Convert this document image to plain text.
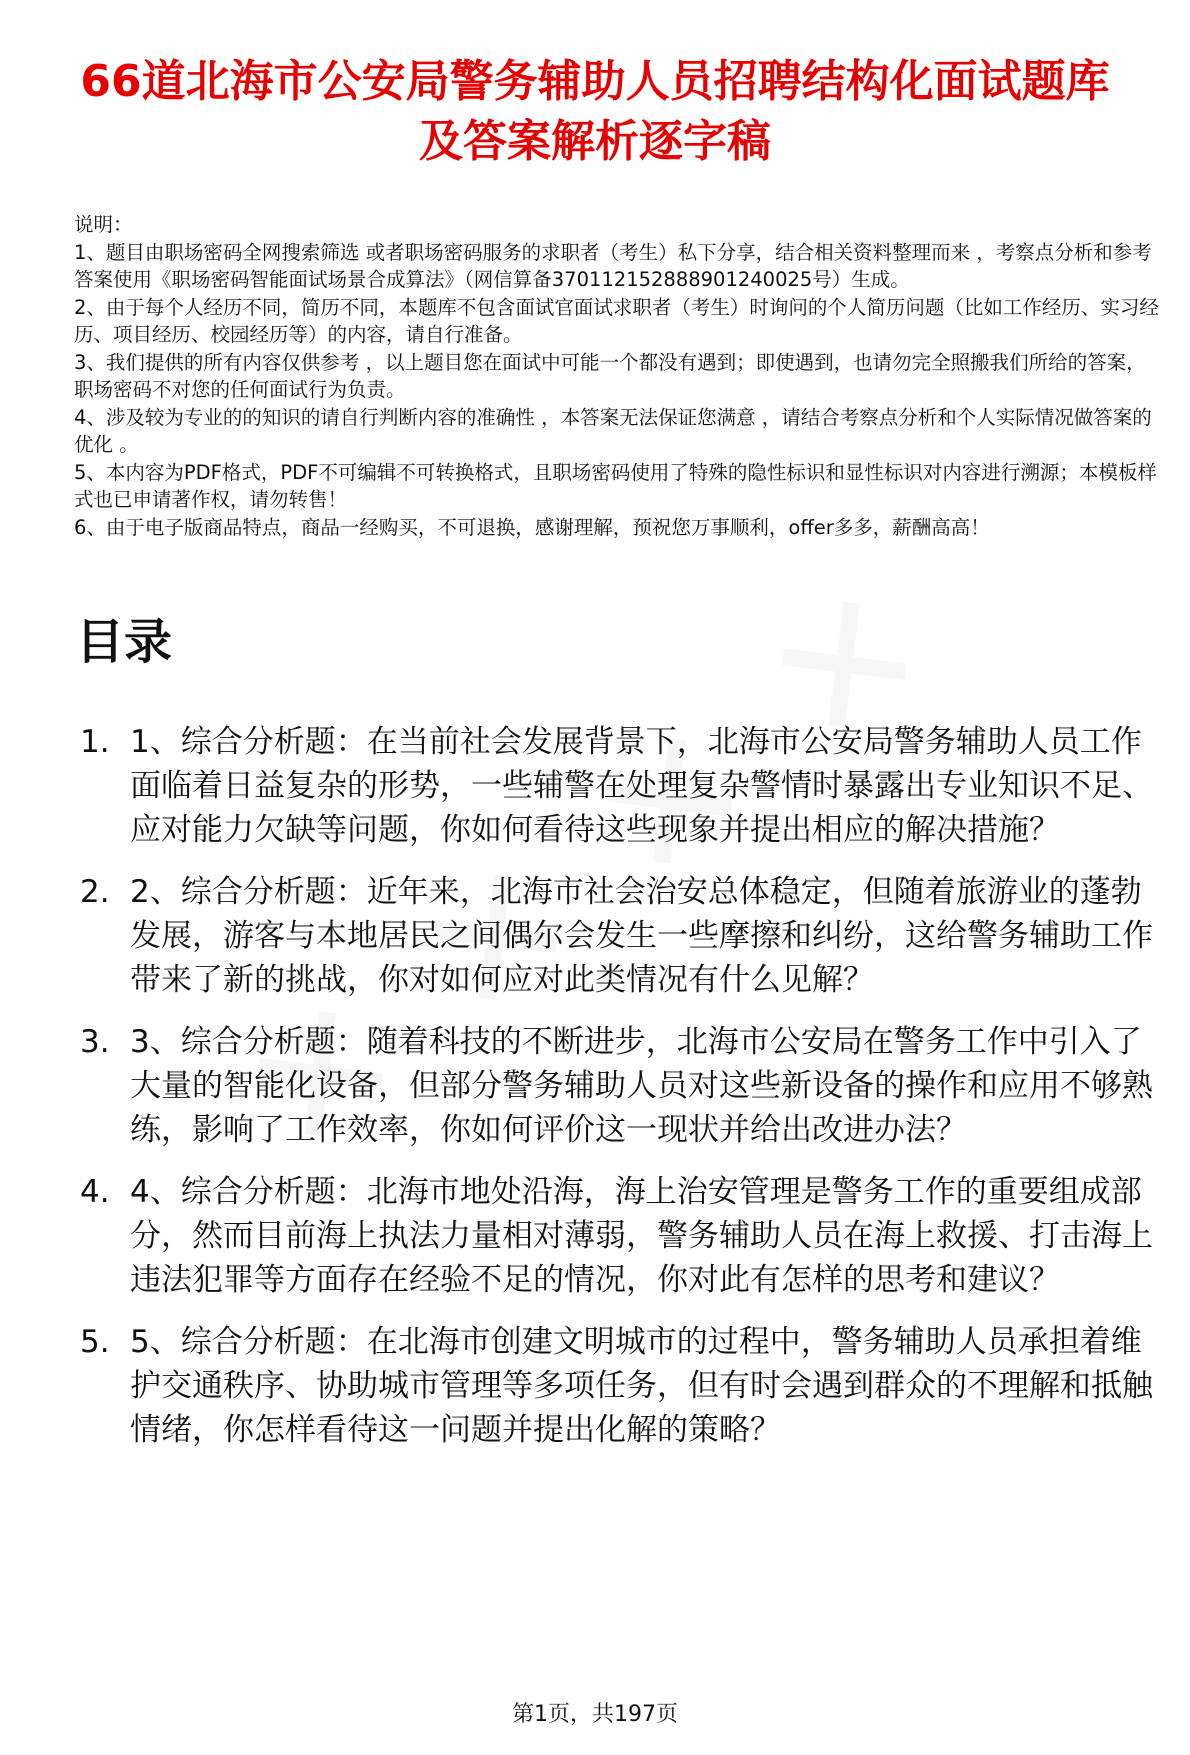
66道北海市公安局警务辅助人员招聘结构化面试题库及答案解析逐字稿

说明：

1、题目由职场密码全网搜索筛选 或者职场密码服务的求职者（考生）私下分享，结合相关资料整理而来 ，考察点分析和参考答案使用《职场密码智能面试场景合成算法》（网信算备370112152888901240025号）生成。

2、由于每个人经历不同，简历不同，本题库不包含面试官面试求职者（考生）时询问的个人简历问题（比如工作经历、实习经历、项目经历、校园经历等）的内容，请自行准备。

3、我们提供的所有内容仅供参考 ，以上题目您在面试中可能一个都没有遇到；即使遇到，也请勿完全照搬我们所给的答案，职场密码不对您的任何面试行为负责。

4、涉及较为专业的的知识的请自行判断内容的准确性 ，本答案无法保证您满意 ，请结合考察点分析和个人实际情况做答案的优化 。

5、本内容为PDF格式，PDF不可编辑不可转换格式，且职场密码使用了特殊的隐性标识和显性标识对内容进行溯源；本模板样式也已申请著作权，请勿转售！

6、由于电子版商品特点，商品一经购买，不可退换，感谢理解，预祝您万事顺利，offer多多，薪酬高高！

目录
1. 1、综合分析题：在当前社会发展背景下，北海市公安局警务辅助人员工作面临着日益复杂的形势，一些辅警在处理复杂警情时暴露出专业知识不足、应对能力欠缺等问题，你如何看待这些现象并提出相应的解决措施？
2. 2、综合分析题：近年来，北海市社会治安总体稳定，但随着旅游业的蓬勃发展，游客与本地居民之间偶尔会发生一些摩擦和纠纷，这给警务辅助工作带来了新的挑战，你对如何应对此类情况有什么见解？
3. 3、综合分析题：随着科技的不断进步，北海市公安局在警务工作中引入了大量的智能化设备，但部分警务辅助人员对这些新设备的操作和应用不够熟练，影响了工作效率，你如何评价这一现状并给出改进办法？
4. 4、综合分析题：北海市地处沿海，海上治安管理是警务工作的重要组成部分，然而目前海上执法力量相对薄弱，警务辅助人员在海上救援、打击海上违法犯罪等方面存在经验不足的情况，你对此有怎样的思考和建议？
5. 5、综合分析题：在北海市创建文明城市的过程中，警务辅助人员承担着维护交通秩序、协助城市管理等多项任务，但有时会遇到群众的不理解和抵触情绪，你怎样看待这一问题并提出化解的策略？
第1页，共197页
